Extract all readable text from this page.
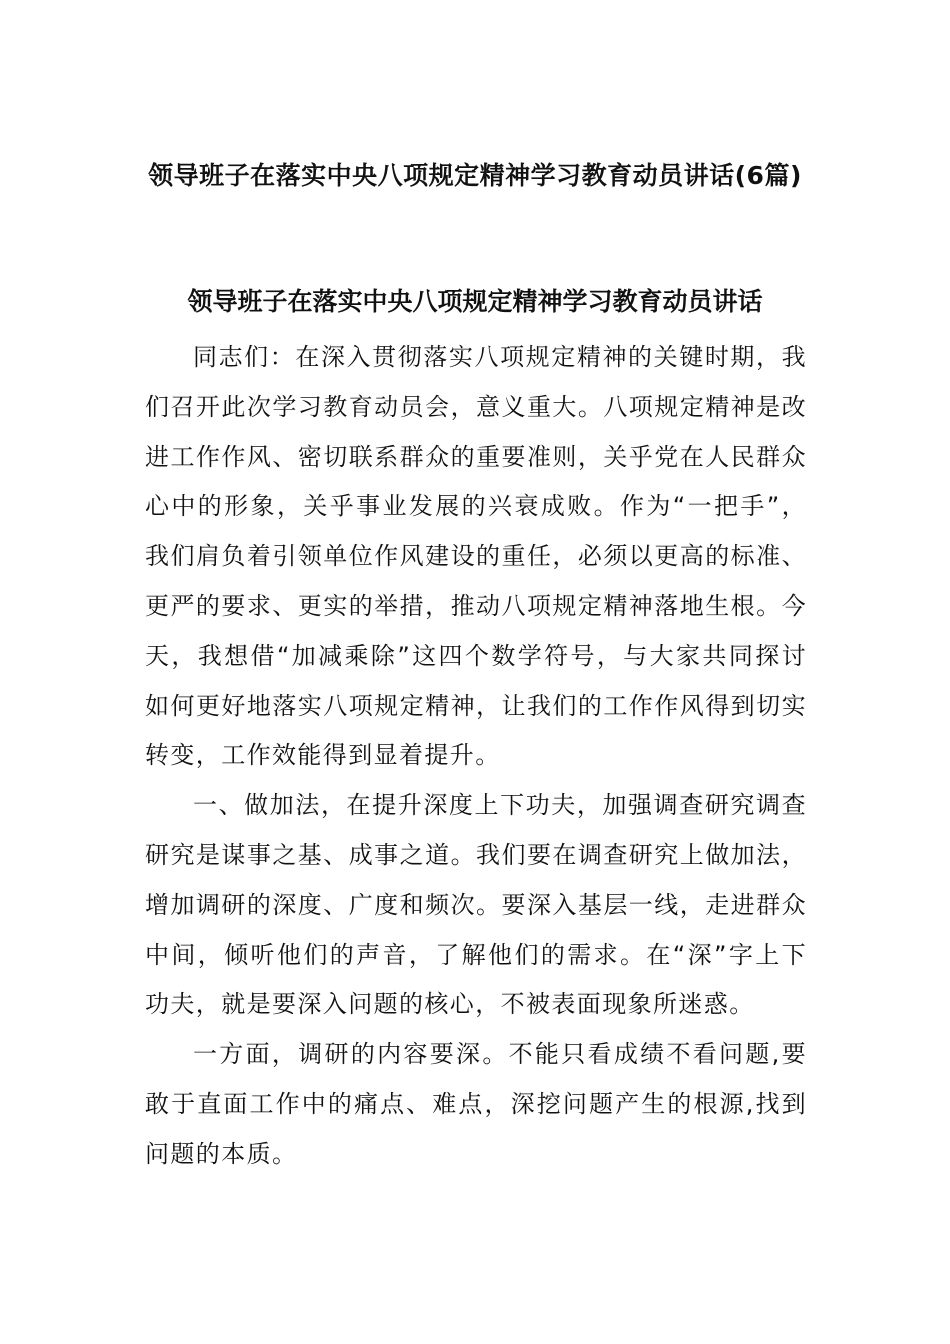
领导班子在落实中央八项规定精神学习教育动员讲话(6篇)
领导班子在落实中央八项规定精神学习教育动员讲话

同志们：在深入贯彻落实八项规定精神的关键时期，我们召开此次学习教育动员会，意义重大。八项规定精神是改进工作作风、密切联系群众的重要准则，关乎党在人民群众心中的形象，关乎事业发展的兴衰成败。作为“一把手”，我们肩负着引领单位作风建设的重任，必须以更高的标准、更严的要求、更实的举措，推动八项规定精神落地生根。今天，我想借“加减乘除”这四个数学符号，与大家共同探讨如何更好地落实八项规定精神，让我们的工作作风得到切实转变，工作效能得到显着提升。

一、做加法，在提升深度上下功夫，加强调查研究调查研究是谋事之基、成事之道。我们要在调查研究上做加法，增加调研的深度、广度和频次。要深入基层一线，走进群众中间，倾听他们的声音，了解他们的需求。在“深”字上下功夫，就是要深入问题的核心，不被表面现象所迷惑。

一方面，调研的内容要深。不能只看成绩不看问题,要敢于直面工作中的痛点、难点，深挖问题产生的根源,找到问题的本质。
